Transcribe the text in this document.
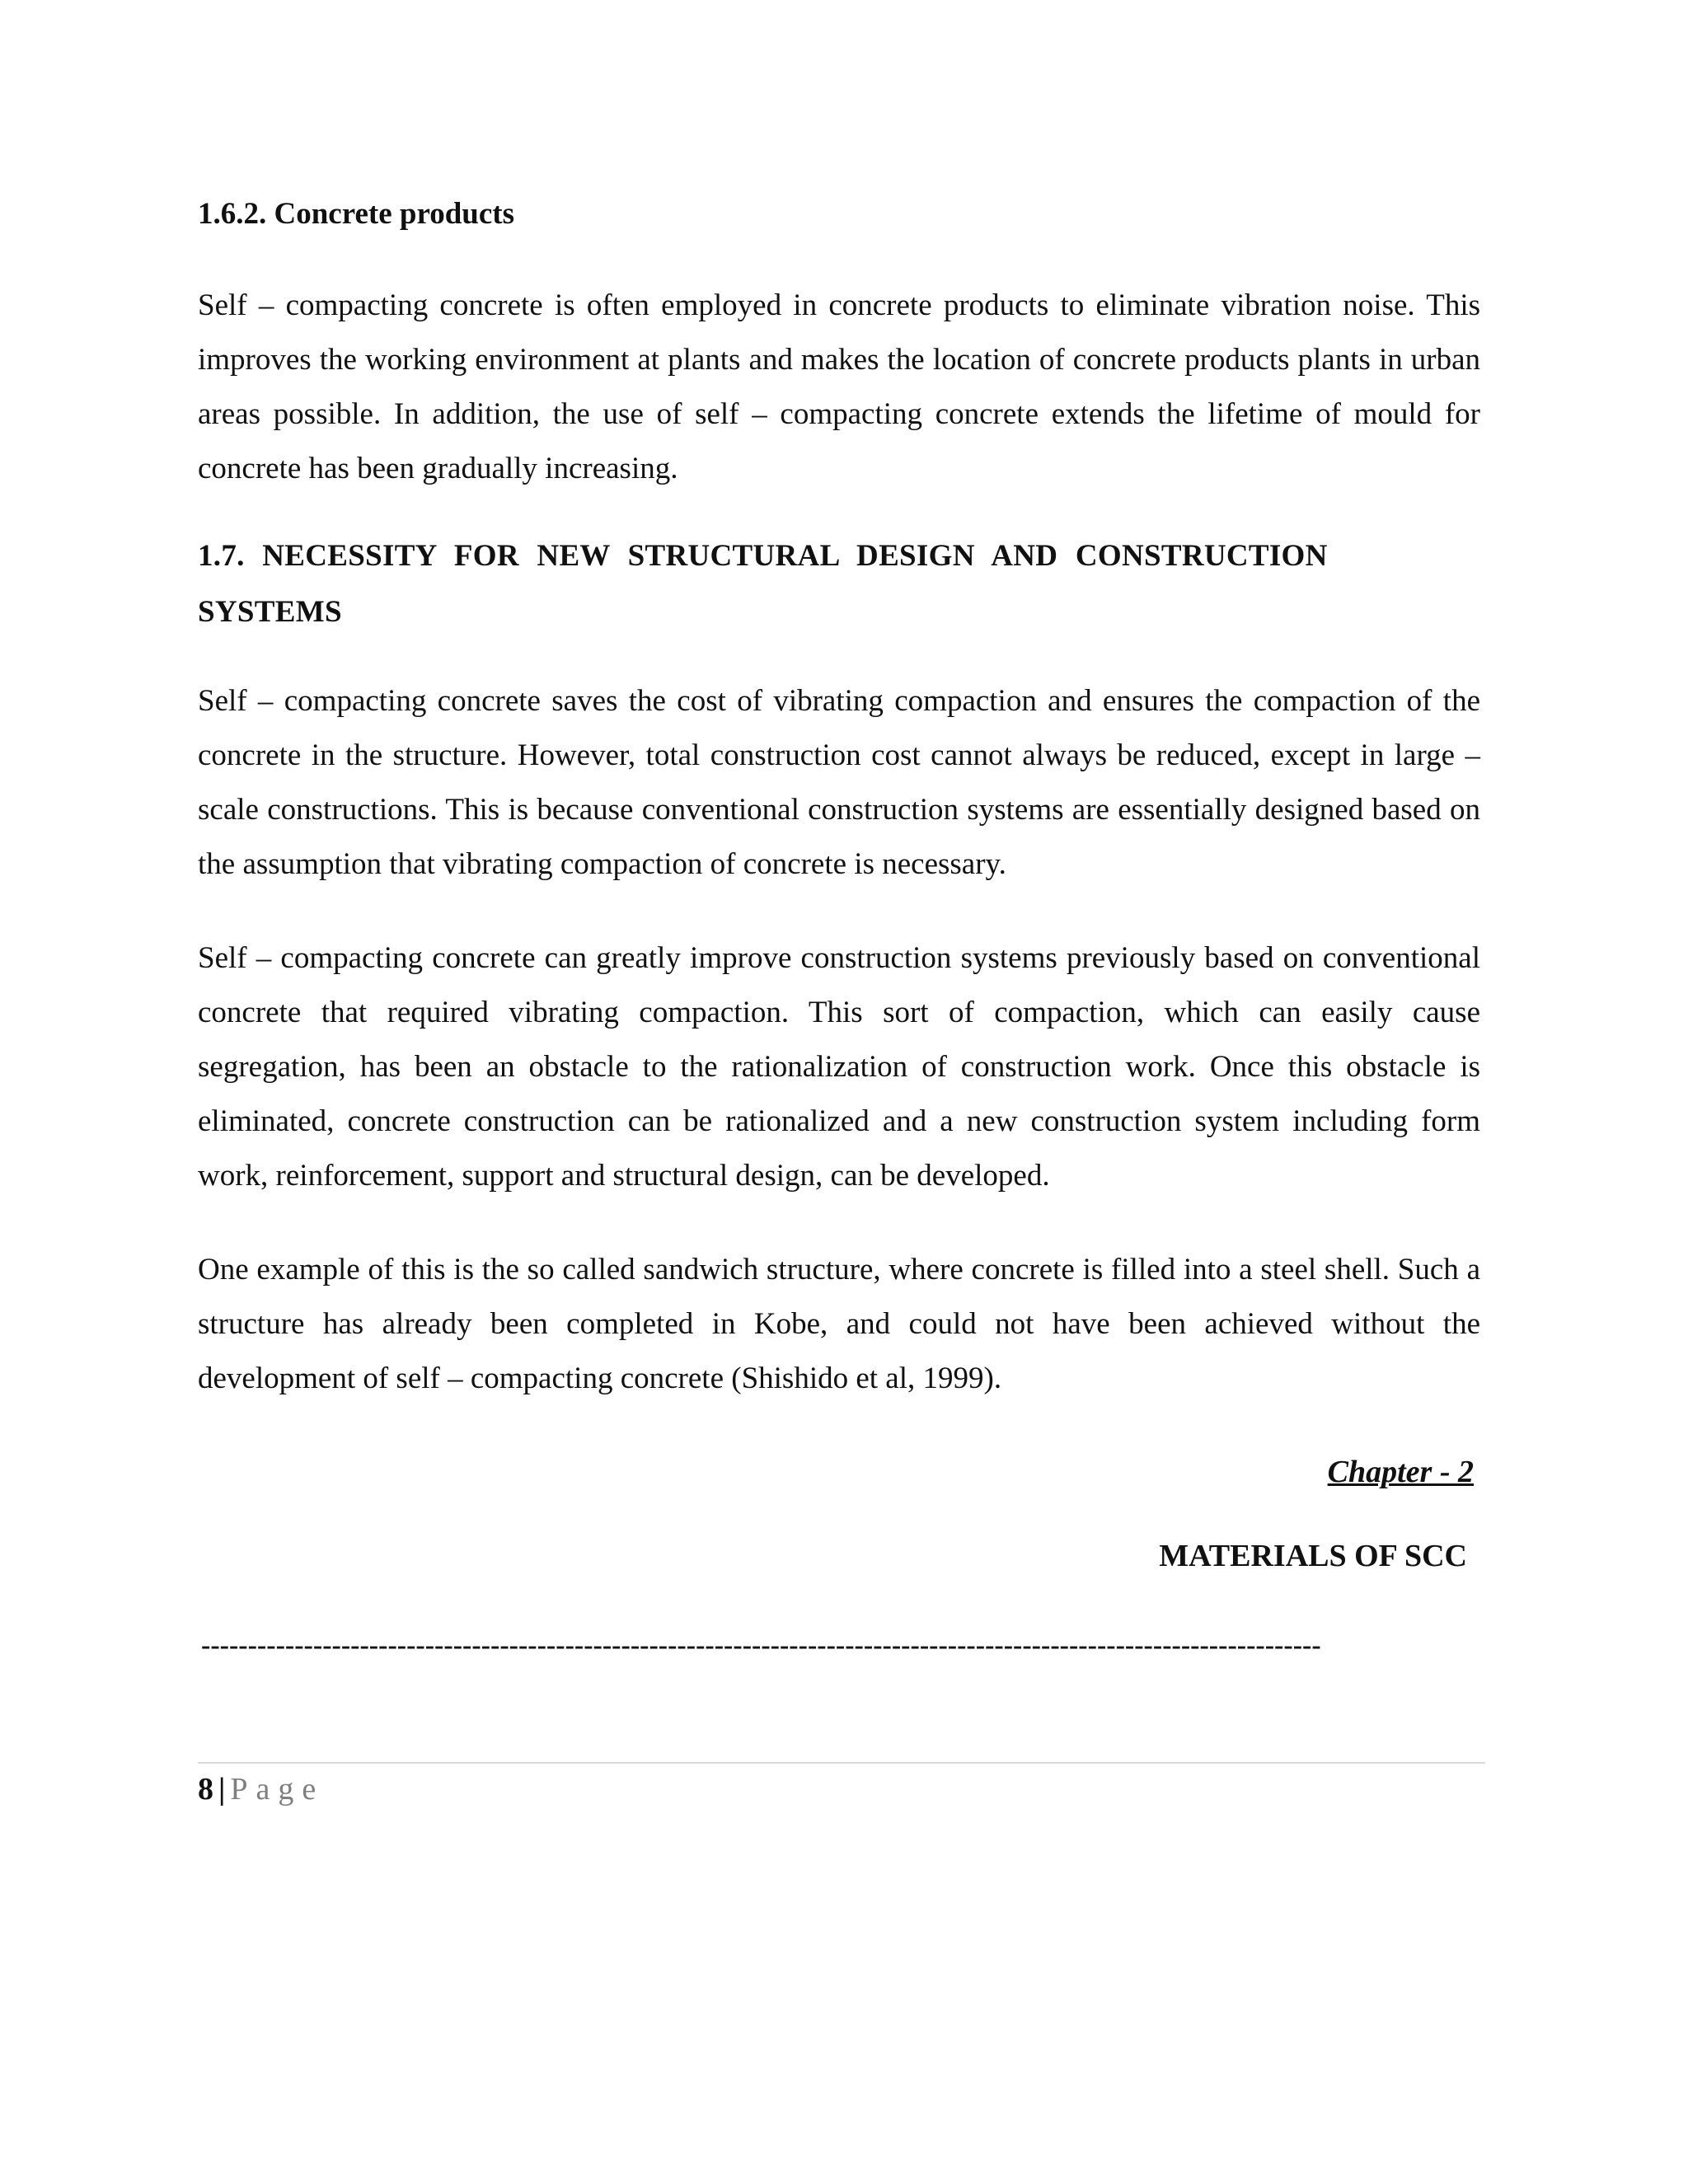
1.6.2. Concrete products

Self – compacting concrete is often employed in concrete products to eliminate vibration noise. This improves the working environment at plants and makes the location of concrete products plants in urban areas possible. In addition, the use of self – compacting concrete extends the lifetime of mould for concrete has been gradually increasing.

1.7. NECESSITY FOR NEW STRUCTURAL DESIGN AND CONSTRUCTION SYSTEMS

Self – compacting concrete saves the cost of vibrating compaction and ensures the compaction of the concrete in the structure. However, total construction cost cannot always be reduced, except in large – scale constructions. This is because conventional construction systems are essentially designed based on the assumption that vibrating compaction of concrete is necessary.

Self – compacting concrete can greatly improve construction systems previously based on conventional concrete that required vibrating compaction. This sort of compaction, which can easily cause segregation, has been an obstacle to the rationalization of construction work. Once this obstacle is eliminated, concrete construction can be rationalized and a new construction system including form work, reinforcement, support and structural design, can be developed.

One example of this is the so called sandwich structure, where concrete is filled into a steel shell. Such a structure has already been completed in Kobe, and could not have been achieved without the development of self – compacting concrete (Shishido et al, 1999).

Chapter - 2

MATERIALS OF SCC

------------------------------------------------------------------------------------------------------------------------

8 | Page
